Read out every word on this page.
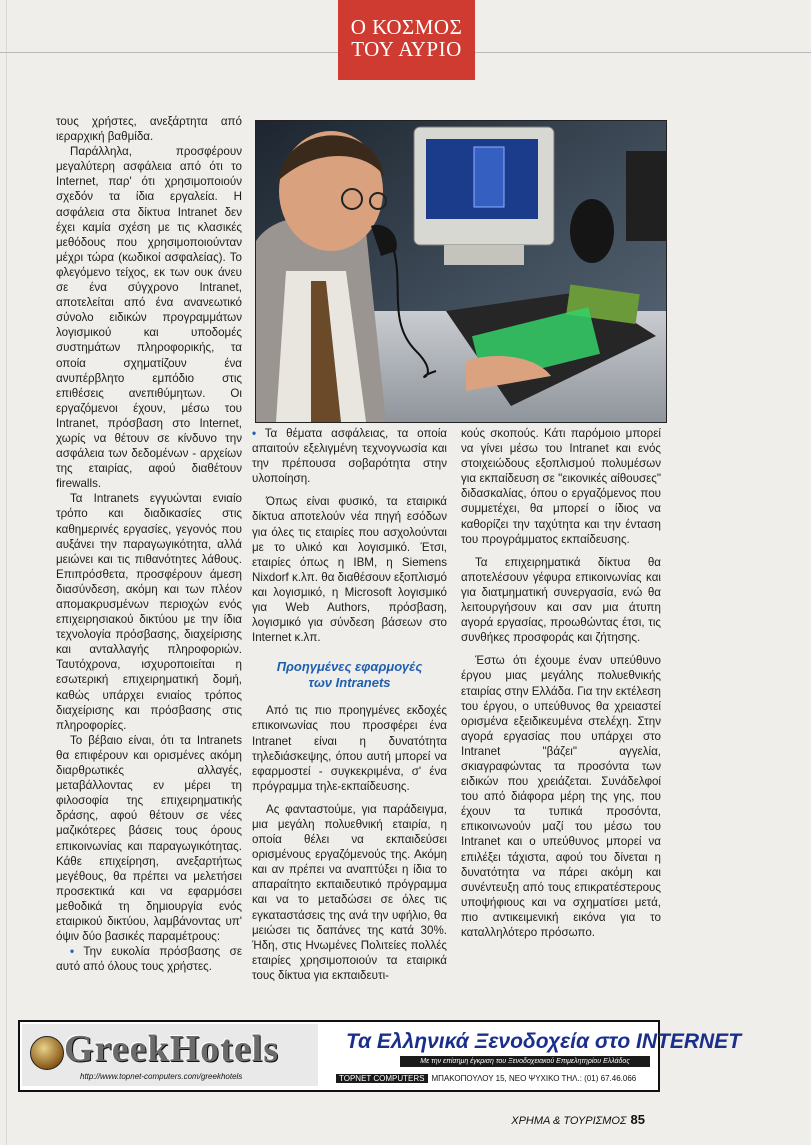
Ο ΚΟΣΜΟΣ
ΤΟΥ ΑΥΡΙΟ

τους χρήστες, ανεξάρτητα από ιεραρχική βαθμίδα.

Παράλληλα, προσφέρουν μεγαλύτερη ασφάλεια από ότι το Internet, παρ' ότι χρησιμοποιούν σχεδόν τα ίδια εργαλεία. Η ασφάλεια στα δίκτυα Intranet δεν έχει καμία σχέση με τις κλασικές μεθόδους που χρησιμοποιούνταν μέχρι τώρα (κωδικοί ασφαλείας). Το φλεγόμενο τείχος, εκ των ουκ άνευ σε ένα σύγχρονο Intranet, αποτελείται από ένα ανανεωτικό σύνολο ειδικών προγραμμάτων λογισμικού και υποδομές συστημάτων πληροφορικής, τα οποία σχηματίζουν ένα ανυπέρβλητο εμπόδιο στις επιθέσεις ανεπιθύμητων. Οι εργαζόμενοι έχουν, μέσω του Intranet, πρόσβαση στο Internet, χωρίς να θέτουν σε κίνδυνο την ασφάλεια των δεδομένων - αρχείων της εταιρίας, αφού διαθέτουν firewalls.

Τα Intranets εγγυώνται ενιαίο τρόπο και διαδικασίες στις καθημερινές εργασίες, γεγονός που αυξάνει την παραγωγικότητα, αλλά μειώνει και τις πιθανότητες λάθους. Επιπρόσθετα, προσφέρουν άμεση διασύνδεση, ακόμη και των πλέον απομακρυσμένων περιοχών ενός επιχειρησιακού δικτύου με την ίδια τεχνολογία πρόσβασης, διαχείρισης και ανταλλαγής πληροφοριών. Ταυτόχρονα, ισχυροποιείται η εσωτερική επιχειρηματική δομή, καθώς υπάρχει ενιαίος τρόπος διαχείρισης και πρόσβασης στις πληροφορίες.

Το βέβαιο είναι, ότι τα Intranets θα επιφέρουν και ορισμένες ακόμη διαρθρωτικές αλλαγές, μεταβάλλοντας εν μέρει τη φιλοσοφία της επιχειρηματικής δράσης, αφού θέτουν σε νέες μαζικότερες βάσεις τους όρους επικοινωνίας και παραγωγικότητας. Κάθε επιχείρηση, ανεξαρτήτως μεγέθους, θα πρέπει να μελετήσει προσεκτικά και να εφαρμόσει μεθοδικά τη δημιουργία ενός εταιρικού δικτύου, λαμβάνοντας υπ' όψιν δύο βασικές παραμέτρους:

• Την ευκολία πρόσβασης σε αυτό από όλους τους χρήστες.

• Τα θέματα ασφάλειας, τα οποία απαιτούν εξελιγμένη τεχνογνωσία και την πρέπουσα σοβαρότητα στην υλοποίηση.

Όπως είναι φυσικό, τα εταιρικά δίκτυα αποτελούν νέα πηγή εσόδων για όλες τις εταιρίες που ασχολούνται με το υλικό και λογισμικό. Έτσι, εταιρίες όπως η IBM, η Siemens Nixdorf κ.λπ. θα διαθέσουν εξοπλισμό και λογισμικό, η Microsoft λογισμικό για Web Authors, πρόσβαση, λογισμικό για σύνδεση βάσεων στο Internet κ.λπ.

Προηγμένες εφαρμογές
των Intranets

Από τις πιο προηγμένες εκδοχές επικοινωνίας που προσφέρει ένα Intranet είναι η δυνατότητα τηλεδιάσκεψης, όπου αυτή μπορεί να εφαρμοστεί - συγκεκριμένα, σ' ένα πρόγραμμα τηλε-εκπαίδευσης.

Ας φανταστούμε, για παράδειγμα, μια μεγάλη πολυεθνική εταιρία, η οποία θέλει να εκπαιδεύσει ορισμένους εργαζόμενούς της. Ακόμη και αν πρέπει να αναπτύξει η ίδια το απαραίτητο εκπαιδευτικό πρόγραμμα και να το μεταδώσει σε όλες τις εγκαταστάσεις της ανά την υφήλιο, θα μειώσει τις δαπάνες της κατά 30%. Ήδη, στις Ηνωμένες Πολιτείες πολλές εταιρίες χρησιμοποιούν τα εταιρικά τους δίκτυα για εκπαιδευτι-

κούς σκοπούς. Κάτι παρόμοιο μπορεί να γίνει μέσω του Intranet και ενός στοιχειώδους εξοπλισμού πολυμέσων για εκπαίδευση σε "εικονικές αίθουσες" διδασκαλίας, όπου ο εργαζόμενος που συμμετέχει, θα μπορεί ο ίδιος να καθορίζει την ταχύτητα και την ένταση του προγράμματος εκπαίδευσης.

Τα επιχειρηματικά δίκτυα θα αποτελέσουν γέφυρα επικοινωνίας και για διατμηματική συνεργασία, ενώ θα λειτουργήσουν και σαν μια άτυπη αγορά εργασίας, προωθώντας έτσι, τις συνθήκες προσφοράς και ζήτησης.

Έστω ότι έχουμε έναν υπεύθυνο έργου μιας μεγάλης πολυεθνικής εταιρίας στην Ελλάδα. Για την εκτέλεση του έργου, ο υπεύθυνος θα χρειαστεί ορισμένα εξειδικευμένα στελέχη. Στην αγορά εργασίας που υπάρχει στο Intranet "βάζει" αγγελία, σκιαγραφώντας τα προσόντα των ειδικών που χρειάζεται. Συνάδελφοί του από διάφορα μέρη της γης, που έχουν τα τυπικά προσόντα, επικοινωνούν μαζί του μέσω του Intranet και ο υπεύθυνος μπορεί να επιλέξει τάχιστα, αφού του δίνεται η δυνατότητα να πάρει ακόμη και συνέντευξη από τους επικρατέστερους υποψήφιους και να σχηματίσει μετά, πιο αντικειμενική εικόνα για το καταλληλότερο πρόσωπο.

GreekHotels
http://www.topnet-computers.com/greekhotels
Τα Ελληνικά Ξενοδοχεία στο INTERNET
Με την επίσημη έγκριση του Ξενοδοχειακού Επιμελητηρίου Ελλάδος
TOPNET COMPUTERS ΜΠΑΚΟΠΟΥΛΟΥ 15, ΝΕΟ ΨΥΧΙΚΟ ΤΗΛ.: (01) 67.46.066
ΧΡΗΜΑ & ΤΟΥΡΙΣΜΟΣ 85
